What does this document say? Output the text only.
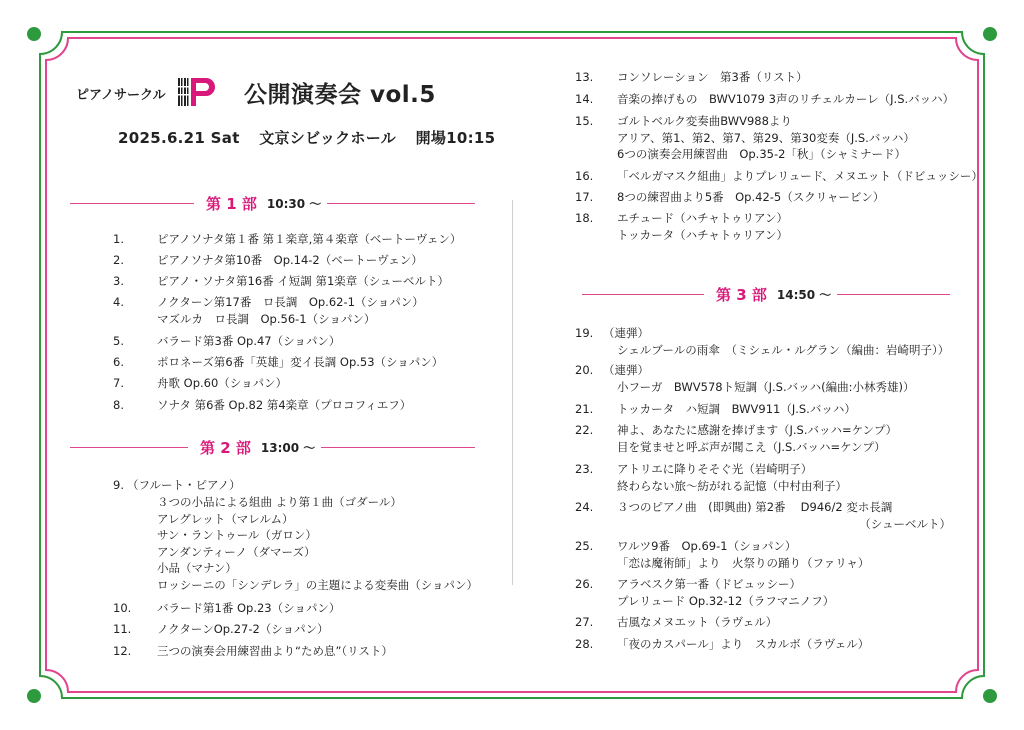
ピアノサークル	公開演奏会 vol.5
2025.6.21 Sat 文京シビックホール 開場10:15
第 1 部 10:30 〜
第 2 部 13:00 〜
第 3 部 14:50 〜
1.	ピアノソナタ第１番 第１楽章,第４楽章（ベートーヴェン）
2.	ピアノソナタ第10番　Op.14-2（ベートーヴェン）
3.	ピアノ・ソナタ第16番 イ短調 第1楽章（シューベルト）
4.	ノクターン第17番　ロ長調　Op.62-1（ショパン）
マズルカ　ロ長調　Op.56-1（ショパン）
5.	バラード第3番 Op.47（ショパン）
6.	ポロネーズ第6番「英雄」変イ長調 Op.53（ショパン）
7.	舟歌 Op.60（ショパン）
8.	ソナタ 第6番 Op.82 第4楽章（プロコフィエフ）
9. （フルート・ピアノ）
３つの小品による組曲 より第１曲（ゴダール）
アレグレット（マレルム）
サン・ラントゥール（ガロン）
アンダンティーノ（ダマーズ）
小品（マナン）
ロッシーニの「シンデレラ」の主題による変奏曲（ショパン）
10. バラード第1番 Op.23（ショパン）
11. ノクターンOp.27-2（ショパン）
12. 三つの演奏会用練習曲より“ため息”（リスト）
13. コンソレーション　第3番（リスト）
14. 音楽の捧げもの　BWV1079 3声のリチェルカーレ（J.S.バッハ）
15. ゴルトベルク変奏曲BWV988より
アリア、第1、第2、第7、第29、第30変奏（J.S.バッハ）
6つの演奏会用練習曲　Op.35-2「秋」（シャミナード）
16. 「ベルガマスク組曲」よりプレリュード、メヌエット（ドビュッシー）
17. 8つの練習曲より5番　Op.42-5（スクリャービン）
18. エチュード（ハチャトゥリアン）
トッカータ（ハチャトゥリアン）
19. （連弾）
シェルブールの雨傘　（ミシェル・ルグラン（編曲：岩崎明子））
20. （連弾）
小フーガ　BWV578ト短調（J.S.バッハ(編曲:小林秀雄)）
21. トッカータ　ハ短調　BWV911（J.S.バッハ）
22. 神よ、あなたに感謝を捧げます（J.S.バッハ=ケンプ）
目を覚ませと呼ぶ声が聞こえ（J.S.バッハ=ケンプ）
23. アトリエに降りそそぐ光（岩崎明子）
終わらない旅〜紡がれる記憶（中村由利子）
24. ３つのピアノ曲　(即興曲) 第2番　 D946/2 変ホ長調
（シューベルト）
25. ワルツ9番　Op.69-1（ショパン）
「恋は魔術師」より　火祭りの踊り（ファリャ）
26. アラベスク第一番（ドビュッシー）
プレリュード Op.32-12（ラフマニノフ）
27. 古風なメヌエット（ラヴェル）
28. 「夜のカスパール」より　スカルボ（ラヴェル）
